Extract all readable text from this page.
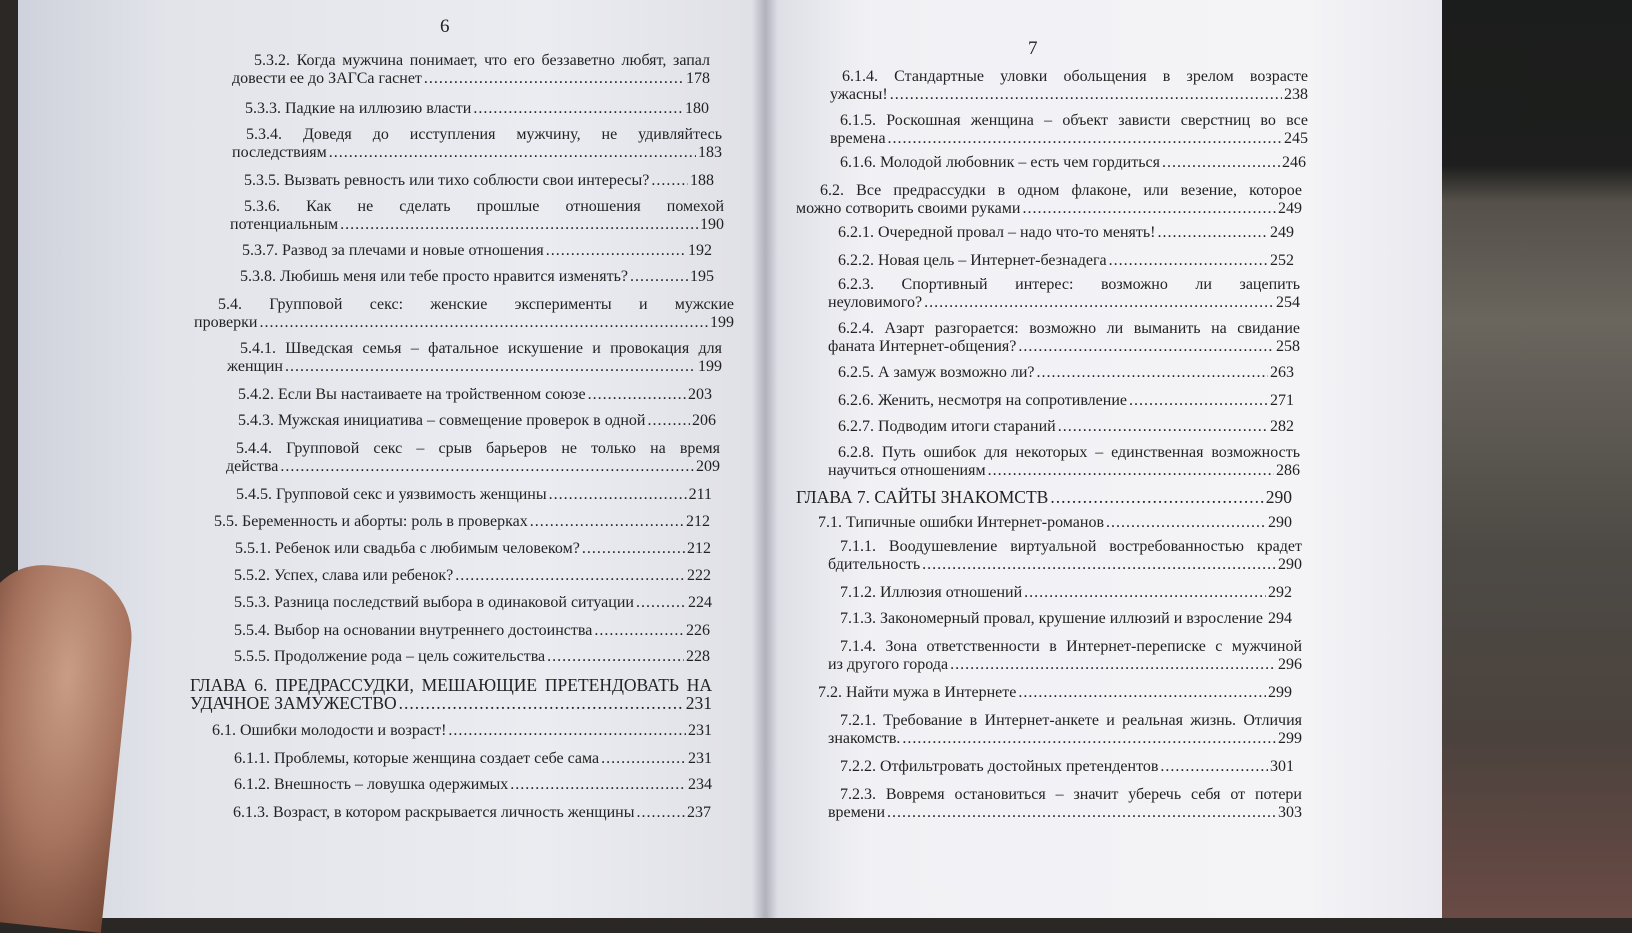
6
5.3.2. Когда мужчина понимает, что его беззаветно любят, запал
довести ее до ЗАГСа гаснет .....	178
5.3.3. Падкие на иллюзию власти .....	180
5.3.4. Доведя до исступления мужчину, не удивляйтесь
последствиям .....	183
5.3.5. Вызвать ревность или тихо соблюсти свои интересы? .....	188
5.3.6. Как не сделать прошлые отношения помехой
потенциальным .....	190
5.3.7. Развод за плечами и новые отношения .....	192
5.3.8. Любишь меня или тебе просто нравится изменять? .....	195
5.4. Групповой секс: женские эксперименты и мужские
проверки .....	199
5.4.1. Шведская семья – фатальное искушение и провокация для
женщин .....	199
5.4.2. Если Вы настаиваете на тройственном союзе .....	203
5.4.3. Мужская инициатива – совмещение проверок в одной .....	206
5.4.4. Групповой секс – срыв барьеров не только на время
действа .....	209
5.4.5. Групповой секс и уязвимость женщины .....	211
5.5. Беременность и аборты: роль в проверках .....	212
5.5.1. Ребенок или свадьба с любимым человеком? .....	212
5.5.2. Успех, слава или ребенок? .....	222
5.5.3. Разница последствий выбора в одинаковой ситуации .....	224
5.5.4. Выбор на основании внутреннего достоинства .....	226
5.5.5. Продолжение рода – цель сожительства .....	228
ГЛАВА 6. ПРЕДРАССУДКИ, МЕШАЮЩИЕ ПРЕТЕНДОВАТЬ НА
УДАЧНОЕ ЗАМУЖЕСТВО .....	231
6.1. Ошибки молодости и возраст! .....	231
6.1.1. Проблемы, которые женщина создает себе сама .....	231
6.1.2. Внешность – ловушка одержимых .....	234
6.1.3. Возраст, в котором раскрывается личность женщины .....	237
7
6.1.4. Стандартные уловки обольщения в зрелом возрасте
ужасны! .....	238
6.1.5. Роскошная женщина – объект зависти сверстниц во все
времена .....	245
6.1.6. Молодой любовник – есть чем гордиться .....	246
6.2. Все предрассудки в одном флаконе, или везение, которое
можно сотворить своими руками .....	249
6.2.1. Очередной провал – надо что-то менять! .....	249
6.2.2. Новая цель – Интернет-безнадега .....	252
6.2.3. Спортивный интерес: возможно ли зацепить
неуловимого? .....	254
6.2.4. Азарт разгорается: возможно ли выманить на свидание
фаната Интернет-общения? .....	258
6.2.5. А замуж возможно ли? .....	263
6.2.6. Женить, несмотря на сопротивление .....	271
6.2.7. Подводим итоги стараний .....	282
6.2.8. Путь ошибок для некоторых – единственная возможность
научиться отношениям .....	286
ГЛАВА 7. САЙТЫ ЗНАКОМСТВ .....	290
7.1. Типичные ошибки Интернет-романов .....	290
7.1.1. Воодушевление виртуальной востребованностью крадет
бдительность .....	290
7.1.2. Иллюзия отношений .....	292
7.1.3. Закономерный провал, крушение иллюзий и взросление ..... 294
7.1.4. Зона ответственности в Интернет-переписке с мужчиной
из другого города .....	296
7.2. Найти мужа в Интернете .....	299
7.2.1. Требование в Интернет-анкете и реальная жизнь. Отличия
знакомств. .....	299
7.2.2. Отфильтровать достойных претендентов .....	301
7.2.3. Вовремя остановиться – значит уберечь себя от потери
времени .....	303
